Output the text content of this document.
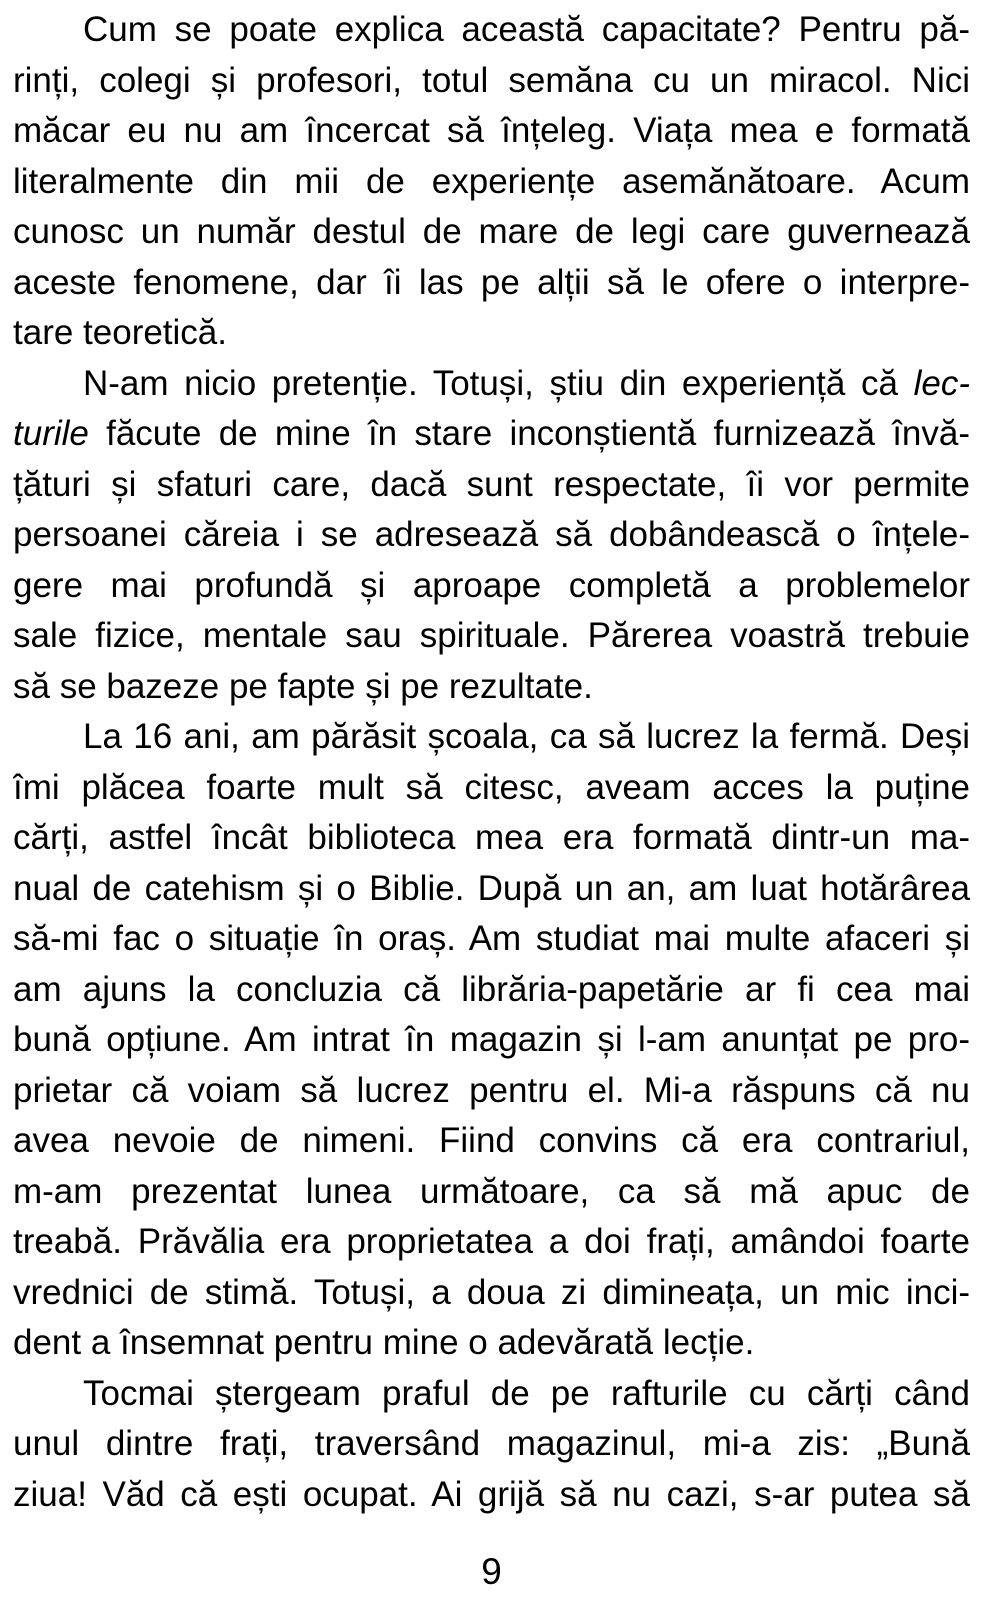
Cum se poate explica această capacitate? Pentru pă-
rinți, colegi și profesori, totul semăna cu un miracol. Nici
măcar eu nu am încercat să înțeleg. Viața mea e formată
literalmente din mii de experiențe asemănătoare. Acum
cunosc un număr destul de mare de legi care guvernează
aceste fenomene, dar îi las pe alții să le ofere o interpre-
tare teoretică.
N-am nicio pretenție. Totuși, știu din experiență că lec-
turile făcute de mine în stare inconștientă furnizează învă-
țături și sfaturi care, dacă sunt respectate, îi vor permite
persoanei căreia i se adresează să dobândească o înțele-
gere mai profundă și aproape completă a problemelor
sale fizice, mentale sau spirituale. Părerea voastră trebuie
să se bazeze pe fapte și pe rezultate.
La 16 ani, am părăsit școala, ca să lucrez la fermă. Deși
îmi plăcea foarte mult să citesc, aveam acces la puține
cărți, astfel încât biblioteca mea era formată dintr-un ma-
nual de catehism și o Biblie. După un an, am luat hotărârea
să-mi fac o situație în oraș. Am studiat mai multe afaceri și
am ajuns la concluzia că librăria-papetărie ar fi cea mai
bună opțiune. Am intrat în magazin și l-am anunțat pe pro-
prietar că voiam să lucrez pentru el. Mi-a răspuns că nu
avea nevoie de nimeni. Fiind convins că era contrariul,
m-am prezentat lunea următoare, ca să mă apuc de
treabă. Prăvălia era proprietatea a doi frați, amândoi foarte
vrednici de stimă. Totuși, a doua zi dimineața, un mic inci-
dent a însemnat pentru mine o adevărată lecție.
Tocmai ștergeam praful de pe rafturile cu cărți când
unul dintre frați, traversând magazinul, mi-a zis: „Bună
ziua! Văd că ești ocupat. Ai grijă să nu cazi, s-ar putea să
9
